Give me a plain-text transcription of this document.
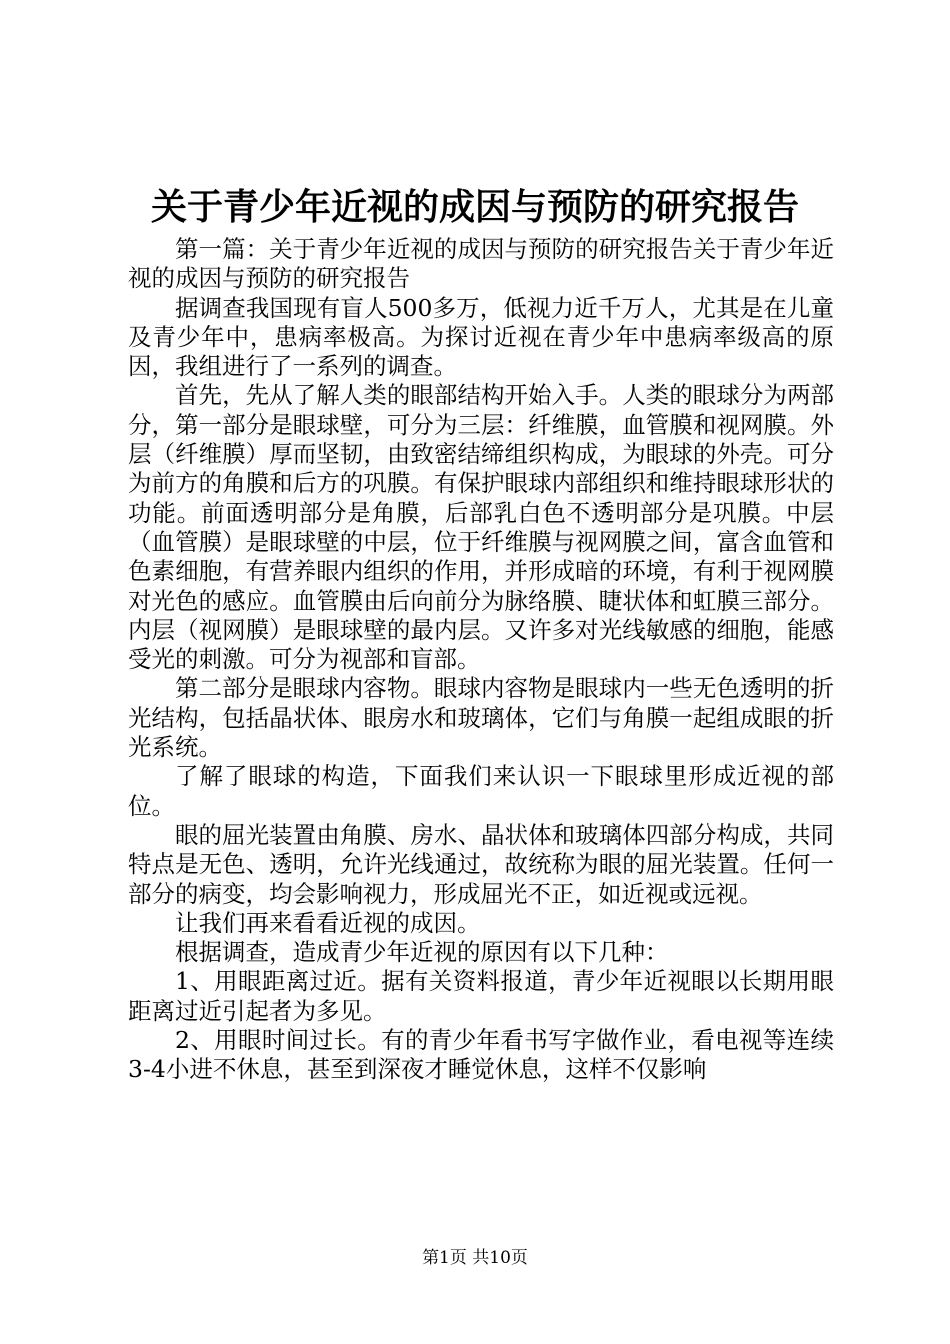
关于青少年近视的成因与预防的研究报告

第一篇：关于青少年近视的成因与预防的研究报告关于青少年近视的成因与预防的研究报告

据调查我国现有盲人500多万，低视力近千万人，尤其是在儿童及青少年中，患病率极高。为探讨近视在青少年中患病率级高的原因，我组进行了一系列的调查。

首先，先从了解人类的眼部结构开始入手。人类的眼球分为两部分，第一部分是眼球壁，可分为三层：纤维膜，血管膜和视网膜。外层（纤维膜）厚而坚韧，由致密结缔组织构成，为眼球的外壳。可分为前方的角膜和后方的巩膜。有保护眼球内部组织和维持眼球形状的功能。前面透明部分是角膜，后部乳白色不透明部分是巩膜。中层（血管膜）是眼球壁的中层，位于纤维膜与视网膜之间，富含血管和色素细胞，有营养眼内组织的作用，并形成暗的环境，有利于视网膜对光色的感应。血管膜由后向前分为脉络膜、睫状体和虹膜三部分。内层（视网膜）是眼球壁的最内层。又许多对光线敏感的细胞，能感受光的刺激。可分为视部和盲部。

第二部分是眼球内容物。眼球内容物是眼球内一些无色透明的折光结构，包括晶状体、眼房水和玻璃体，它们与角膜一起组成眼的折光系统。

了解了眼球的构造，下面我们来认识一下眼球里形成近视的部位。

眼的屈光装置由角膜、房水、晶状体和玻璃体四部分构成，共同特点是无色、透明，允许光线通过，故统称为眼的屈光装置。任何一部分的病变，均会影响视力，形成屈光不正，如近视或远视。

让我们再来看看近视的成因。

根据调查，造成青少年近视的原因有以下几种：

1、用眼距离过近。据有关资料报道，青少年近视眼以长期用眼距离过近引起者为多见。

2、用眼时间过长。有的青少年看书写字做作业，看电视等连续3-4小进不休息，甚至到深夜才睡觉休息，这样不仅影响

第1页 共10页
